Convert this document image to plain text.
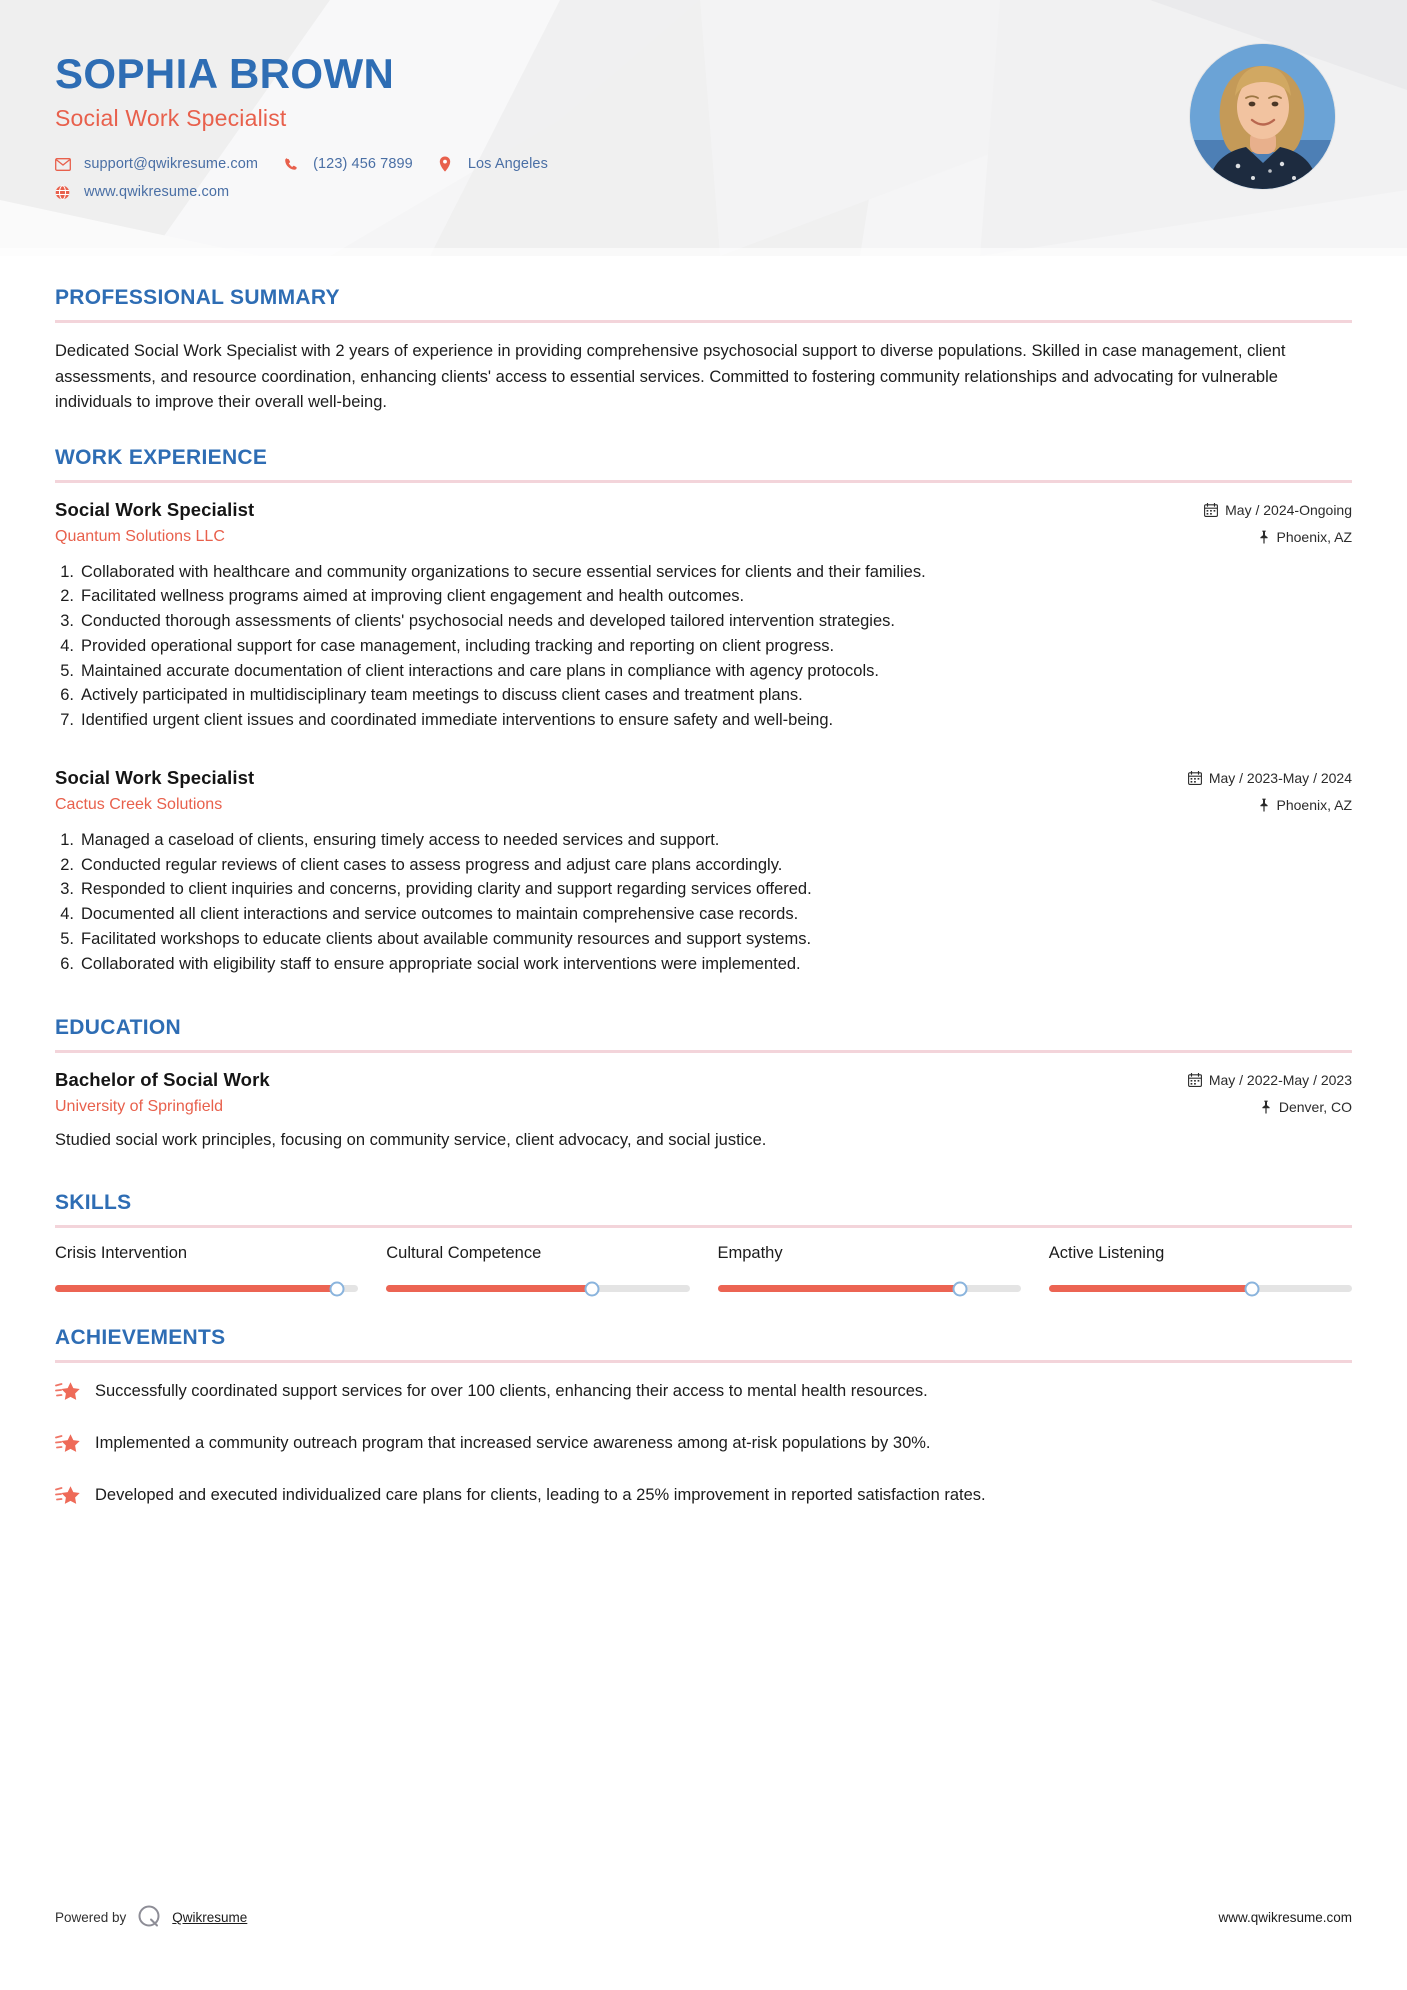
SOPHIA BROWN
Social Work Specialist
support@qwikresume.com	(123) 456 7899	Los Angeles
www.qwikresume.com
PROFESSIONAL SUMMARY
Dedicated Social Work Specialist with 2 years of experience in providing comprehensive psychosocial support to diverse populations. Skilled in case management, client assessments, and resource coordination, enhancing clients' access to essential services. Committed to fostering community relationships and advocating for vulnerable individuals to improve their overall well-being.
WORK EXPERIENCE
Social Work Specialist
Quantum Solutions LLC
May / 2024-Ongoing
Phoenix, AZ
1. Collaborated with healthcare and community organizations to secure essential services for clients and their families.
2. Facilitated wellness programs aimed at improving client engagement and health outcomes.
3. Conducted thorough assessments of clients' psychosocial needs and developed tailored intervention strategies.
4. Provided operational support for case management, including tracking and reporting on client progress.
5. Maintained accurate documentation of client interactions and care plans in compliance with agency protocols.
6. Actively participated in multidisciplinary team meetings to discuss client cases and treatment plans.
7. Identified urgent client issues and coordinated immediate interventions to ensure safety and well-being.
Social Work Specialist
Cactus Creek Solutions
May / 2023-May / 2024
Phoenix, AZ
1. Managed a caseload of clients, ensuring timely access to needed services and support.
2. Conducted regular reviews of client cases to assess progress and adjust care plans accordingly.
3. Responded to client inquiries and concerns, providing clarity and support regarding services offered.
4. Documented all client interactions and service outcomes to maintain comprehensive case records.
5. Facilitated workshops to educate clients about available community resources and support systems.
6. Collaborated with eligibility staff to ensure appropriate social work interventions were implemented.
EDUCATION
Bachelor of Social Work
University of Springfield
May / 2022-May / 2023
Denver, CO
Studied social work principles, focusing on community service, client advocacy, and social justice.
SKILLS
Crisis Intervention	Cultural Competence	Empathy	Active Listening
ACHIEVEMENTS
Successfully coordinated support services for over 100 clients, enhancing their access to mental health resources.
Implemented a community outreach program that increased service awareness among at-risk populations by 30%.
Developed and executed individualized care plans for clients, leading to a 25% improvement in reported satisfaction rates.
Powered by	Qwikresume	www.qwikresume.com
